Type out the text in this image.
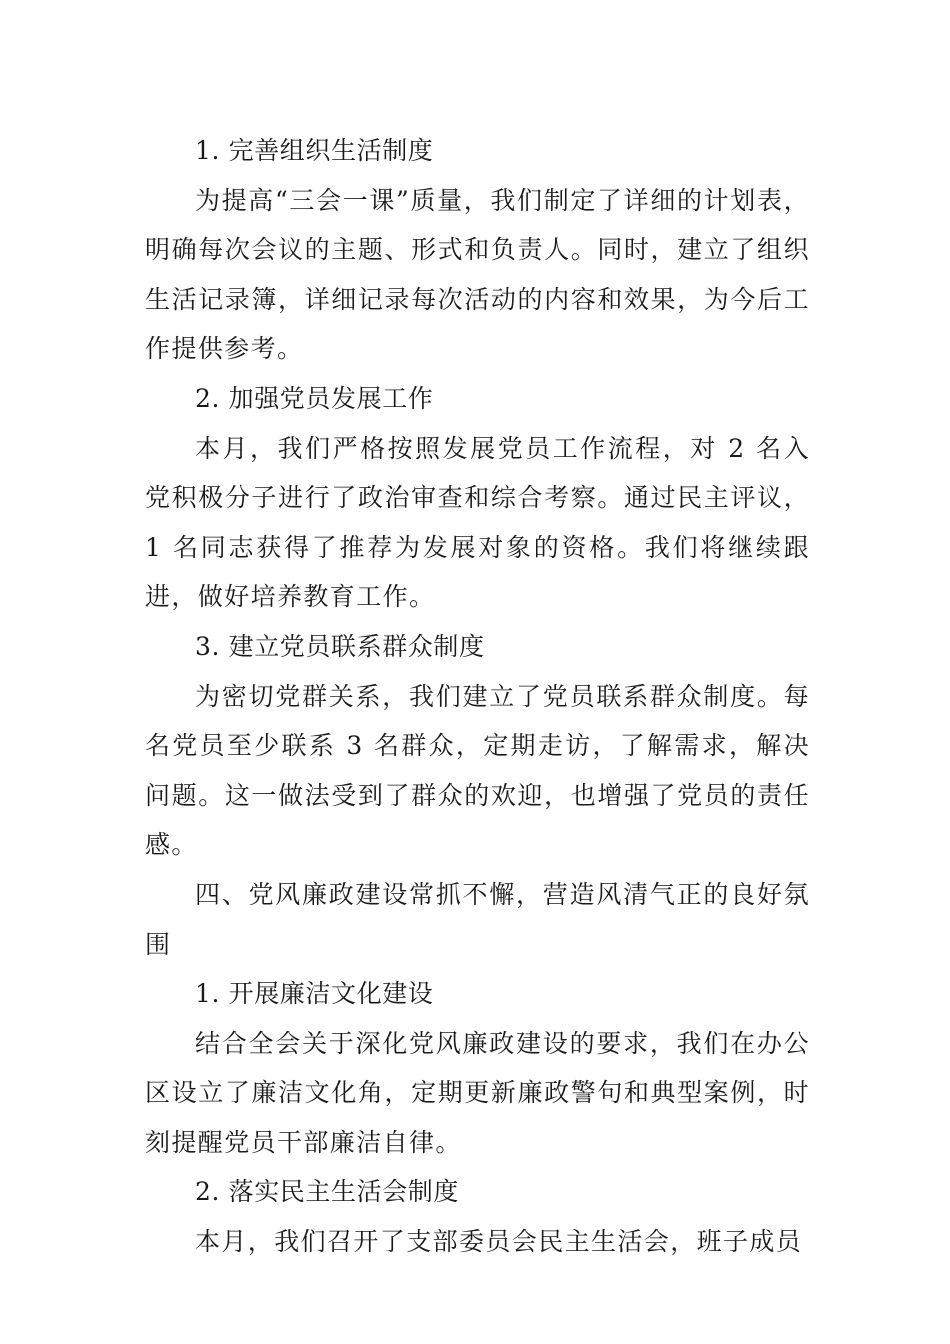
1. 完善组织生活制度

为提高“三会一课”质量，我们制定了详细的计划表，明确每次会议的主题、形式和负责人。同时，建立了组织生活记录簿，详细记录每次活动的内容和效果，为今后工作提供参考。

2. 加强党员发展工作

本月，我们严格按照发展党员工作流程，对 2 名入党积极分子进行了政治审查和综合考察。通过民主评议，1 名同志获得了推荐为发展对象的资格。我们将继续跟进，做好培养教育工作。

3. 建立党员联系群众制度

为密切党群关系，我们建立了党员联系群众制度。每名党员至少联系 3 名群众，定期走访，了解需求，解决问题。这一做法受到了群众的欢迎，也增强了党员的责任感。

四、党风廉政建设常抓不懈，营造风清气正的良好氛围

1. 开展廉洁文化建设

结合全会关于深化党风廉政建设的要求，我们在办公区设立了廉洁文化角，定期更新廉政警句和典型案例，时刻提醒党员干部廉洁自律。

2. 落实民主生活会制度

本月，我们召开了支部委员会民主生活会，班子成员
